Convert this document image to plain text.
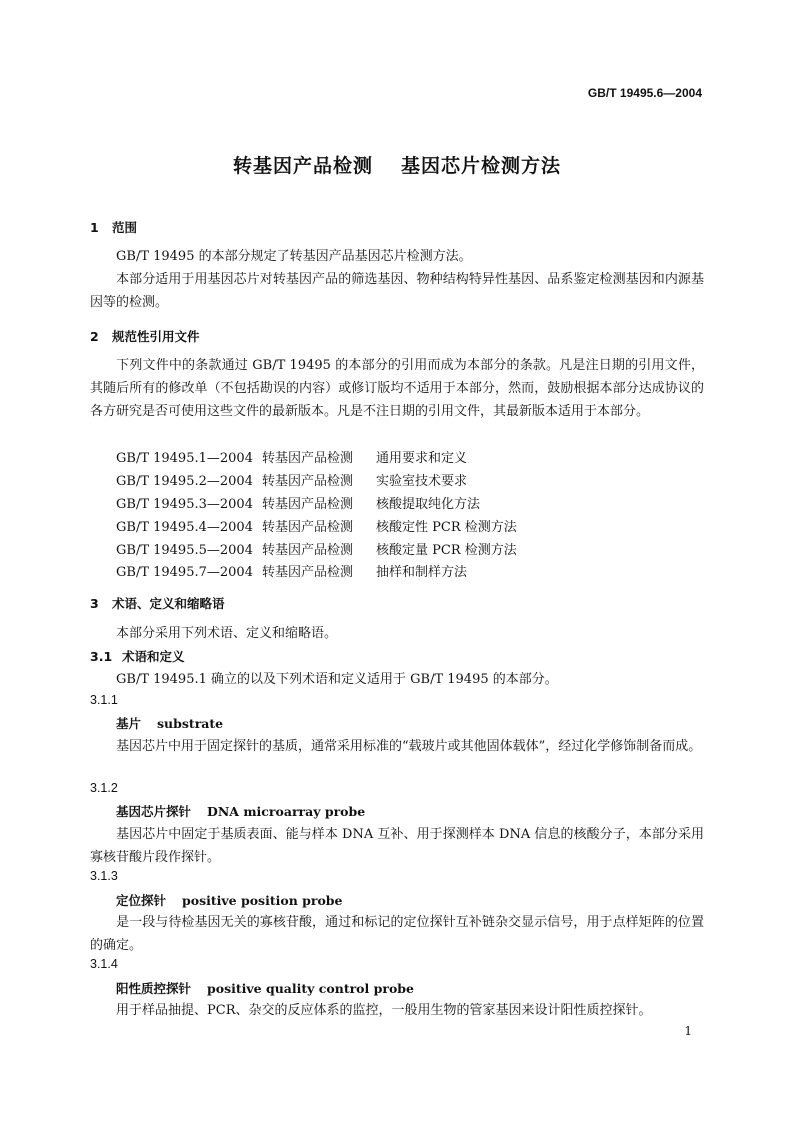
GB/T 19495.6—2004
转基因产品检测 基因芯片检测方法
1 范围
GB/T 19495 的本部分规定了转基因产品基因芯片检测方法。
本部分适用于用基因芯片对转基因产品的筛选基因、物种结构特异性基因、品系鉴定检测基因和内源基因等的检测。
2 规范性引用文件
下列文件中的条款通过 GB/T 19495 的本部分的引用而成为本部分的条款。凡是注日期的引用文件，其随后所有的修改单（不包括勘误的内容）或修订版均不适用于本部分，然而，鼓励根据本部分达成协议的各方研究是否可使用这些文件的最新版本。凡是不注日期的引用文件，其最新版本适用于本部分。
GB/T 19495.1—2004 转基因产品检测 通用要求和定义
GB/T 19495.2—2004 转基因产品检测 实验室技术要求
GB/T 19495.3—2004 转基因产品检测 核酸提取纯化方法
GB/T 19495.4—2004 转基因产品检测 核酸定性 PCR 检测方法
GB/T 19495.5—2004 转基因产品检测 核酸定量 PCR 检测方法
GB/T 19495.7—2004 转基因产品检测 抽样和制样方法
3 术语、定义和缩略语
本部分采用下列术语、定义和缩略语。
3.1 术语和定义
GB/T 19495.1 确立的以及下列术语和定义适用于 GB/T 19495 的本部分。
3.1.1
基片 substrate
基因芯片中用于固定探针的基质，通常采用标准的“载玻片或其他固体载体”，经过化学修饰制备而成。
3.1.2
基因芯片探针 DNA microarray probe
基因芯片中固定于基质表面、能与样本 DNA 互补、用于探测样本 DNA 信息的核酸分子，本部分采用寡核苷酸片段作探针。
3.1.3
定位探针 positive position probe
是一段与待检基因无关的寡核苷酸，通过和标记的定位探针互补链杂交显示信号，用于点样矩阵的位置的确定。
3.1.4
阳性质控探针 positive quality control probe
用于样品抽提、PCR、杂交的反应体系的监控，一般用生物的管家基因来设计阳性质控探针。
1
